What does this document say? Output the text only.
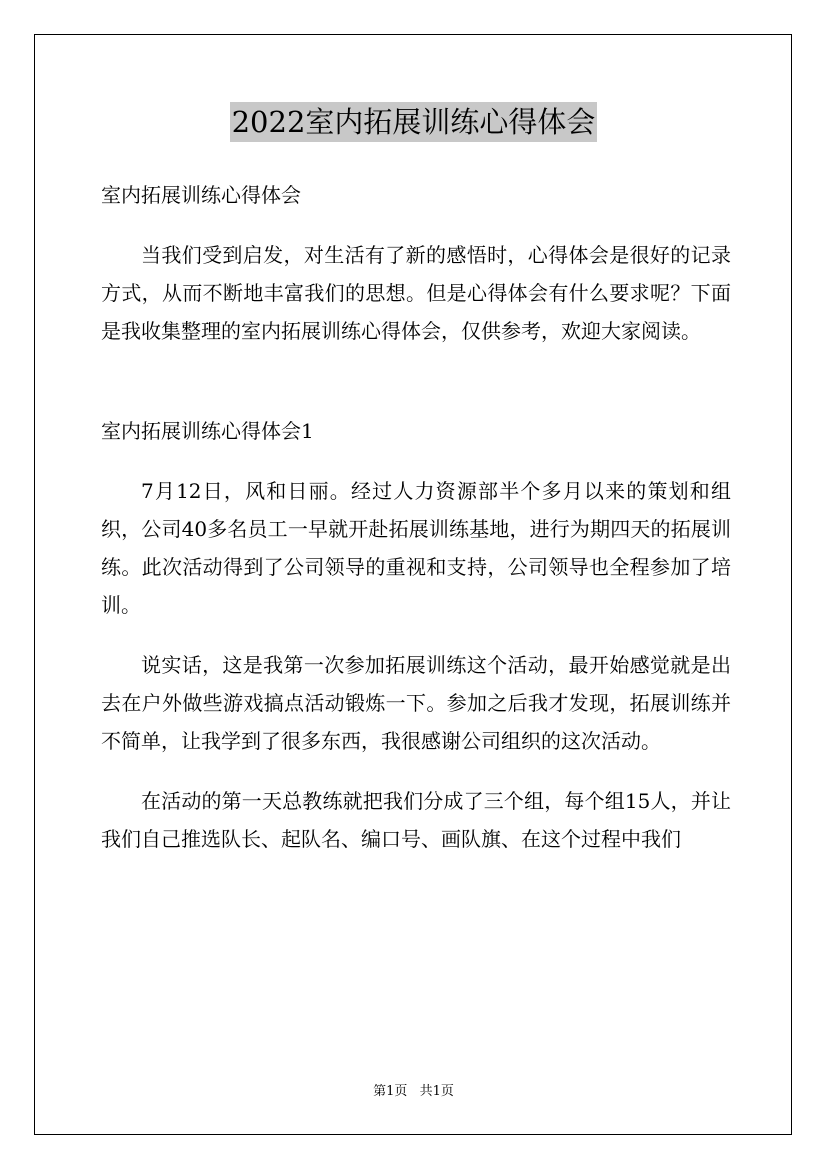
2022室内拓展训练心得体会

室内拓展训练心得体会

当我们受到启发，对生活有了新的感悟时，心得体会是很好的记录方式，从而不断地丰富我们的思想。但是心得体会有什么要求呢？下面是我收集整理的室内拓展训练心得体会，仅供参考，欢迎大家阅读。

室内拓展训练心得体会1

7月12日，风和日丽。经过人力资源部半个多月以来的策划和组织，公司40多名员工一早就开赴拓展训练基地，进行为期四天的拓展训练。此次活动得到了公司领导的重视和支持，公司领导也全程参加了培训。

说实话，这是我第一次参加拓展训练这个活动，最开始感觉就是出去在户外做些游戏搞点活动锻炼一下。参加之后我才发现，拓展训练并不简单，让我学到了很多东西，我很感谢公司组织的这次活动。

在活动的第一天总教练就把我们分成了三个组，每个组15人，并让我们自己推选队长、起队名、编口号、画队旗、在这个过程中我们

第1页 共1页
